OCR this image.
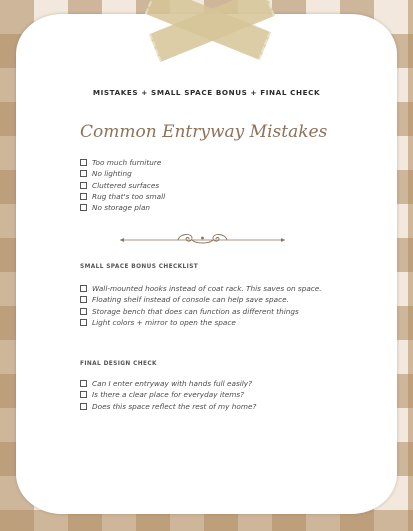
MISTAKES + SMALL SPACE BONUS + FINAL CHECK
Common Entryway Mistakes
Too much furniture
No lighting
Cluttered surfaces
Rug that's too small
No storage plan
SMALL SPACE BONUS CHECKLIST
Wall-mounted hooks instead of coat rack. This saves on space.
Floating shelf instead of console can help save space.
Storage bench that does can function as different things
Light colors + mirror to open the space
FINAL DESIGN CHECK
Can I enter entryway with hands full easily?
Is there a clear place for everyday items?
Does this space reflect the rest of my home?
